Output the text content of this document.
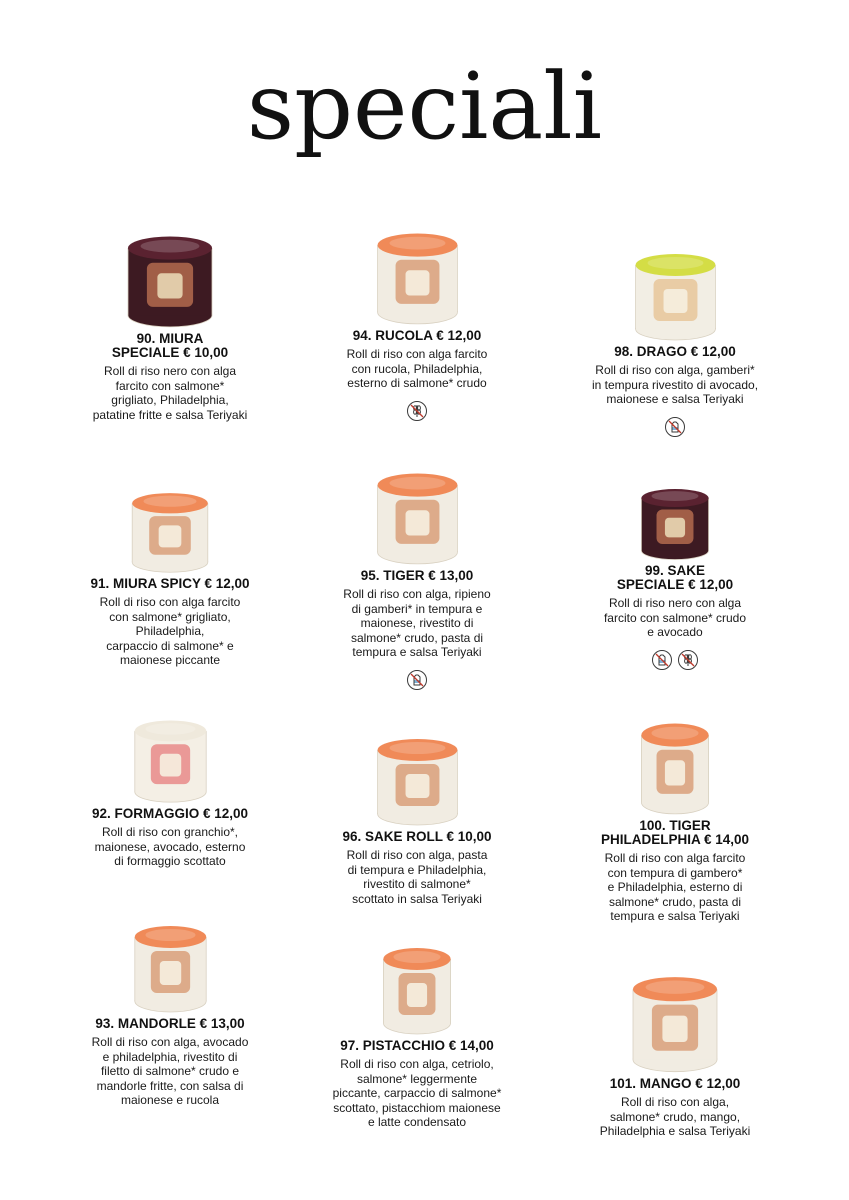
speciali
90. MIURA
SPECIALE € 10,00
Roll di riso nero con alga
farcito con salmone*
grigliato, Philadelphia,
patatine fritte e salsa Teriyaki
91. MIURA SPICY € 12,00
Roll di riso con alga farcito
con salmone* grigliato,
Philadelphia,
carpaccio di salmone* e
maionese piccante
92. FORMAGGIO € 12,00
Roll di riso con granchio*,
maionese, avocado, esterno
di formaggio scottato
93. MANDORLE € 13,00
Roll di riso con alga, avocado
e philadelphia, rivestito di
filetto di salmone* crudo e
mandorle fritte, con salsa di
maionese e rucola
94. RUCOLA € 12,00
Roll di riso con alga farcito
con rucola, Philadelphia,
esterno di salmone* crudo
95. TIGER € 13,00
Roll di riso con alga, ripieno
di gamberi* in tempura e
maionese, rivestito di
salmone* crudo, pasta di
tempura e salsa Teriyaki
96. SAKE ROLL € 10,00
Roll di riso con alga, pasta
di tempura e Philadelphia,
rivestito di salmone*
scottato in salsa Teriyaki
97. PISTACCHIO € 14,00
Roll di riso con alga, cetriolo,
salmone* leggermente
piccante, carpaccio di salmone*
scottato, pistacchiom maionese
e latte condensato
98. DRAGO € 12,00
Roll di riso con alga, gamberi*
in tempura rivestito di avocado,
maionese e salsa Teriyaki
99. SAKE
SPECIALE € 12,00
Roll di riso nero con alga
farcito con salmone* crudo
e avocado
100. TIGER
PHILADELPHIA € 14,00
Roll di riso con alga farcito
con tempura di gambero*
e Philadelphia, esterno di
salmone* crudo, pasta di
tempura e salsa Teriyaki
101. MANGO € 12,00
Roll di riso con alga,
salmone* crudo, mango,
Philadelphia e salsa Teriyaki
